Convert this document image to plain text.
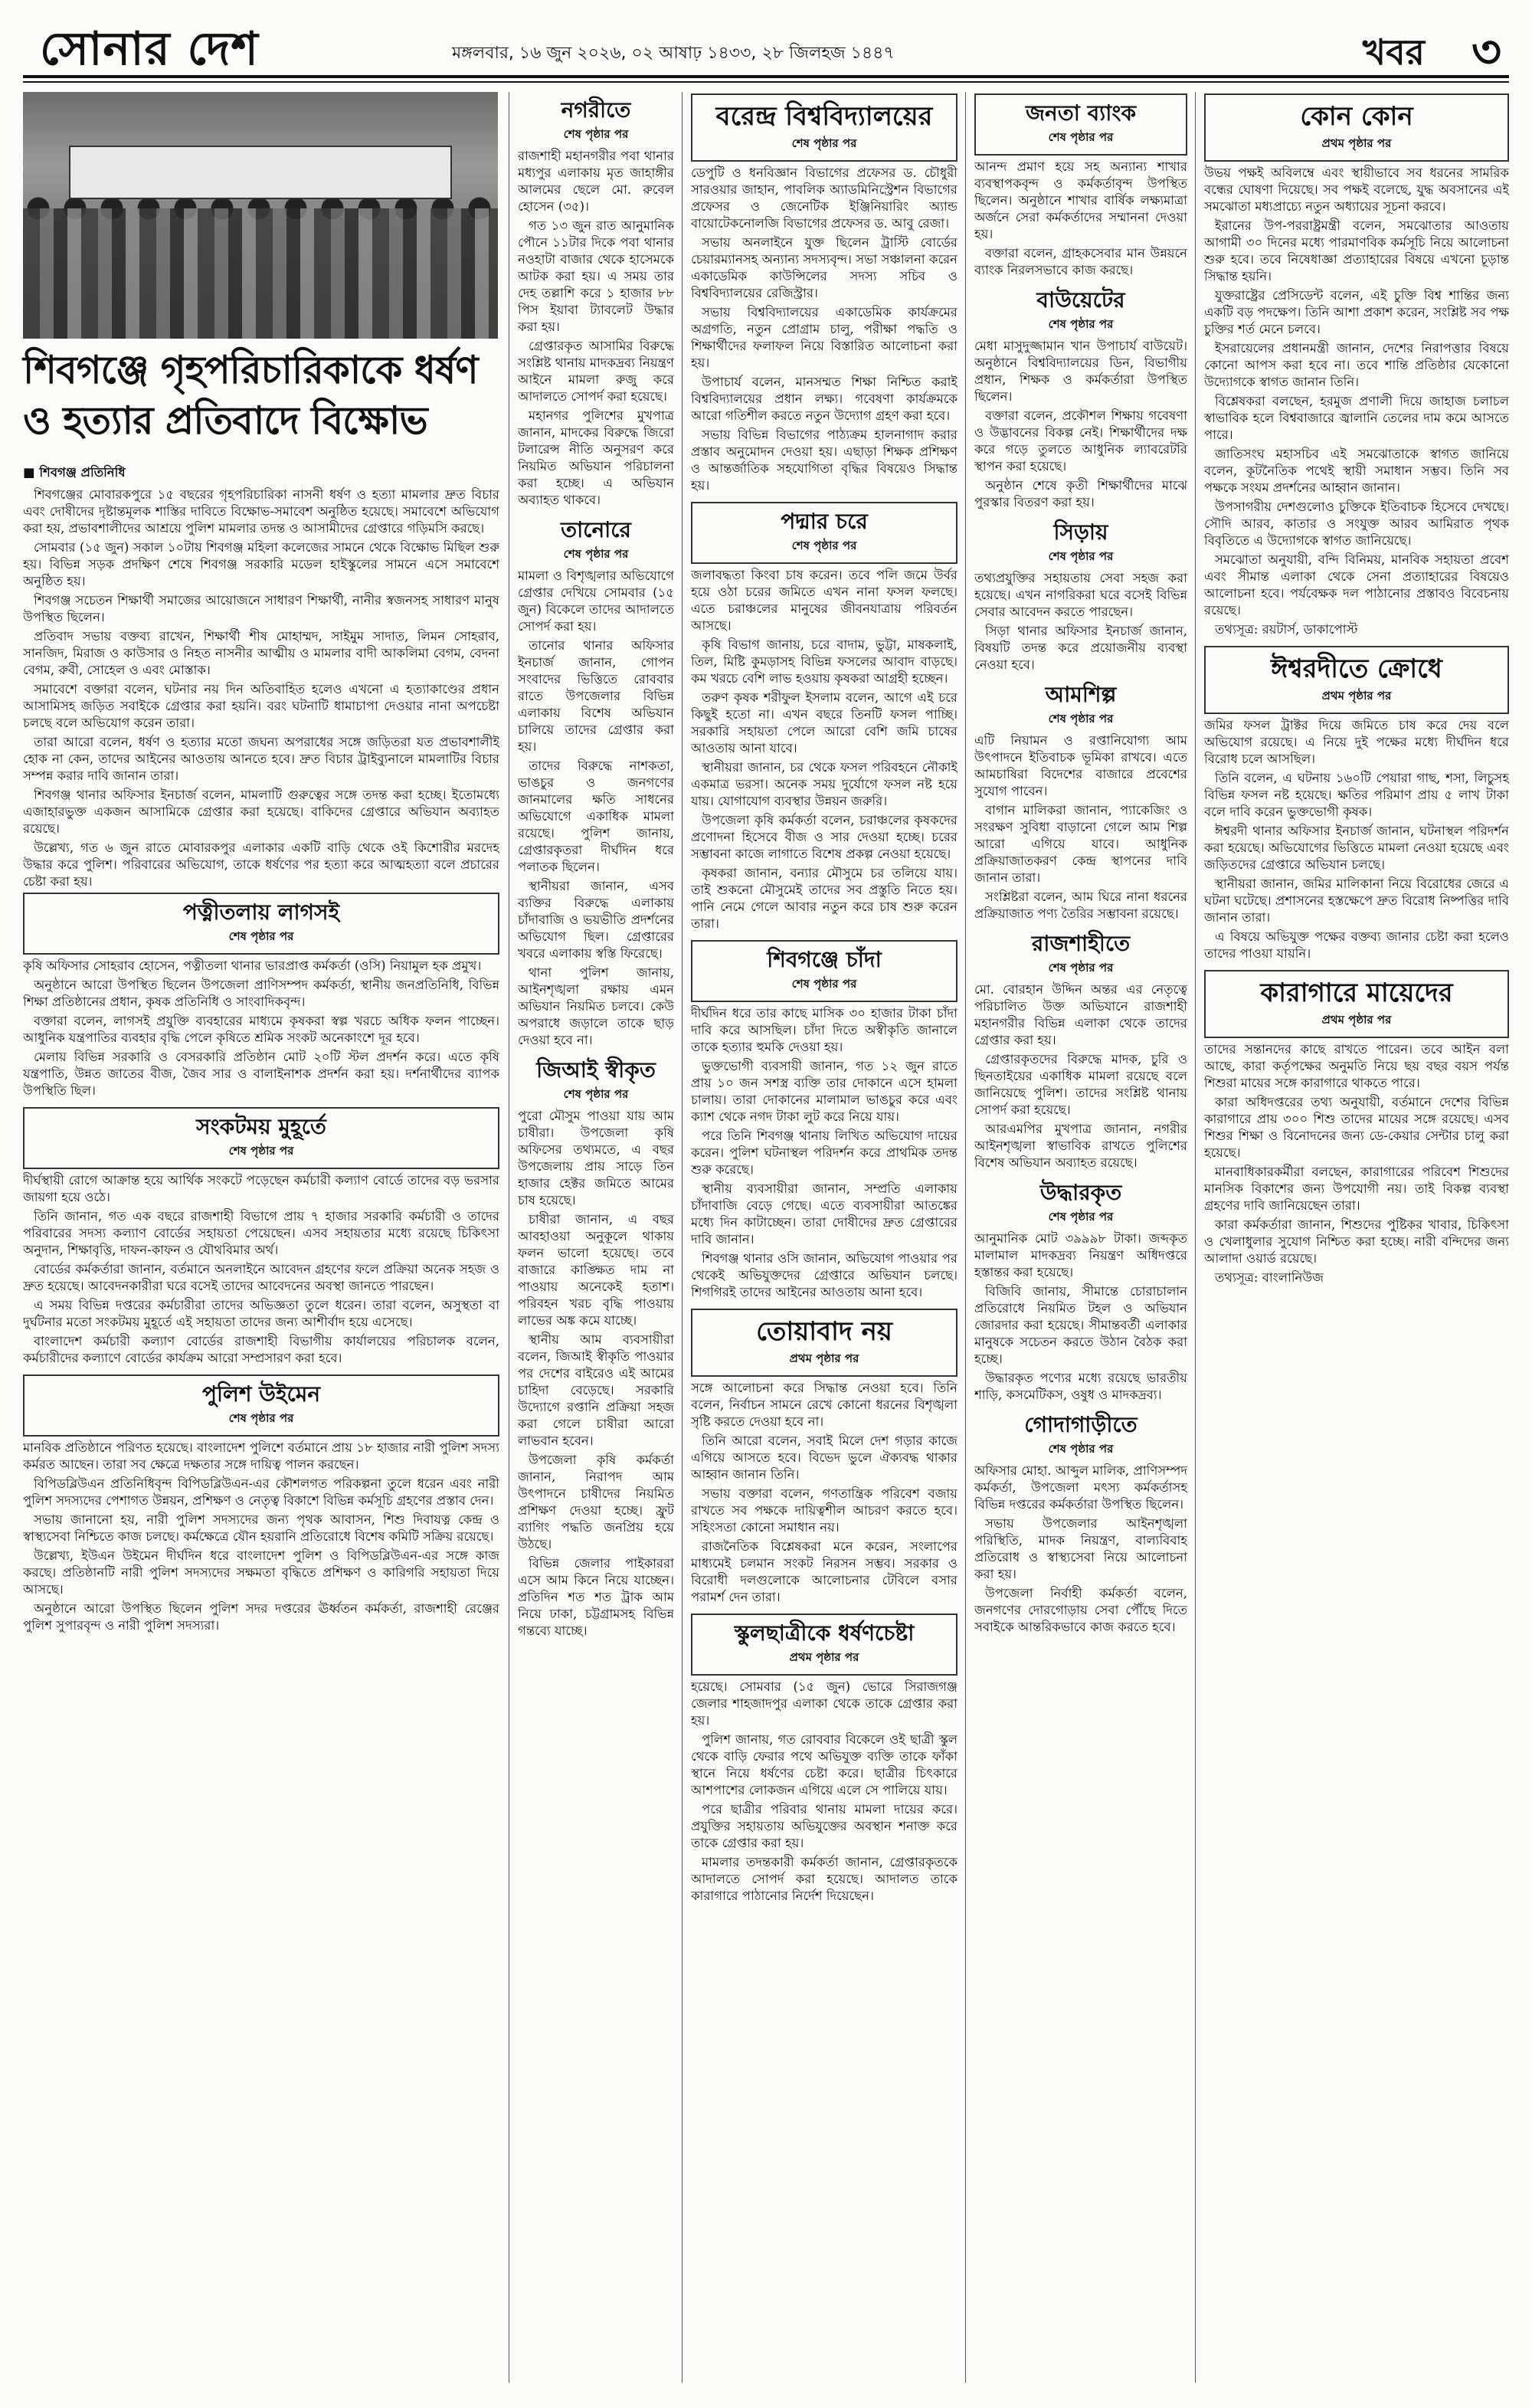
সোনার দেশ	মঙ্গলবার, ১৬ জুন ২০২৬, ০২ আষাঢ় ১৪৩৩, ২৮ জিলহজ ১৪৪৭	খবর ৩
শিবগঞ্জে গৃহপরিচারিকাকে ধর্ষণ ও হত্যার প্রতিবাদে বিক্ষোভ
■ শিবগঞ্জ প্রতিনিধি

শিবগঞ্জের মোবারকপুরে ১৫ বছরের গৃহপরিচারিকা নাসনী ধর্ষণ ও হত্যা মামলার দ্রুত বিচার এবং দোষীদের দৃষ্টান্তমূলক শাস্তির দাবিতে বিক্ষোভ-সমাবেশ অনুষ্ঠিত হয়েছে। সমাবেশে অভিযোগ করা হয়, প্রভাবশালীদের আশ্রয়ে পুলিশ মামলার তদন্ত ও আসামীদের গ্রেপ্তারে গড়িমসি করছে।

সোমবার (১৫ জুন) সকাল ১০টায় শিবগঞ্জ মহিলা কলেজের সামনে থেকে বিক্ষোভ মিছিল শুরু হয়। বিভিন্ন সড়ক প্রদক্ষিণ শেষে শিবগঞ্জ সরকারি মডেল হাইস্কুলের সামনে এসে সমাবেশে অনুষ্ঠিত হয়।

শিবগঞ্জ সচেতন শিক্ষার্থী সমাজের আয়োজনে সাধারণ শিক্ষার্থী, নানীর স্বজনসহ সাধারণ মানুষ উপস্থিত ছিলেন।

প্রতিবাদ সভায় বক্তব্য রাখেন, শিক্ষার্থী শীষ মোহাম্মদ, সাইমুম সাদাত, লিমন সোহরাব, সানজিদ, মিরাজ ও কাউসার ও নিহত নাসনীর আত্মীয় ও মামলার বাদী আকলিমা বেগম, বেদনা বেগম, রুবী, সোহেল ও এবং মোস্তাক।

সমাবেশে বক্তারা বলেন, ঘটনার নয় দিন অতিবাহিত হলেও এখনো এ হত্যাকাণ্ডের প্রধান আসামিসহ জড়িত সবাইকে গ্রেপ্তার করা হয়নি। বরং ঘটনাটি ধামাচাপা দেওয়ার নানা অপচেষ্টা চলছে বলে অভিযোগ করেন তারা।

তারা আরো বলেন, ধর্ষণ ও হত্যার মতো জঘন্য অপরাধের সঙ্গে জড়িতরা যত প্রভাবশালীই হোক না কেন, তাদের আইনের আওতায় আনতে হবে। দ্রুত বিচার ট্রাইব্যুনালে মামলাটির বিচার সম্পন্ন করার দাবি জানান তারা।

শিবগঞ্জ থানার অফিসার ইনচার্জ বলেন, মামলাটি গুরুত্বের সঙ্গে তদন্ত করা হচ্ছে। ইতোমধ্যে এজাহারভুক্ত একজন আসামিকে গ্রেপ্তার করা হয়েছে। বাকিদের গ্রেপ্তারে অভিযান অব্যাহত রয়েছে।

উল্লেখ্য, গত ৬ জুন রাতে মোবারকপুর এলাকার একটি বাড়ি থেকে ওই কিশোরীর মরদেহ উদ্ধার করে পুলিশ। পরিবারের অভিযোগ, তাকে ধর্ষণের পর হত্যা করে আত্মহত্যা বলে প্রচারের চেষ্টা করা হয়।

পত্নীতলায় লাগসই
শেষ পৃষ্ঠার পর

কৃষি অফিসার সোহরাব হোসেন, পত্নীতলা থানার ভারপ্রাপ্ত কর্মকর্তা (ওসি) নিয়ামুল হক প্রমুখ।

অনুষ্ঠানে আরো উপস্থিত ছিলেন উপজেলা প্রাণিসম্পদ কর্মকর্তা, স্থানীয় জনপ্রতিনিধি, বিভিন্ন শিক্ষা প্রতিষ্ঠানের প্রধান, কৃষক প্রতিনিধি ও সাংবাদিকবৃন্দ।

বক্তারা বলেন, লাগসই প্রযুক্তি ব্যবহারের মাধ্যমে কৃষকরা স্বল্প খরচে অধিক ফলন পাচ্ছেন। আধুনিক যন্ত্রপাতির ব্যবহার বৃদ্ধি পেলে কৃষিতে শ্রমিক সংকট অনেকাংশে দূর হবে।

মেলায় বিভিন্ন সরকারি ও বেসরকারি প্রতিষ্ঠান মোট ২০টি স্টল প্রদর্শন করে। এতে কৃষি যন্ত্রপাতি, উন্নত জাতের বীজ, জৈব সার ও বালাইনাশক প্রদর্শন করা হয়। দর্শনার্থীদের ব্যাপক উপস্থিতি ছিল।

সংকটময় মুহূর্তে
শেষ পৃষ্ঠার পর

দীর্ঘস্থায়ী রোগে আক্রান্ত হয়ে আর্থিক সংকটে পড়েছেন কর্মচারী কল্যাণ বোর্ডে তাদের বড় ভরসার জায়গা হয়ে ওঠে।

তিনি জানান, গত এক বছরে রাজশাহী বিভাগে প্রায় ৭ হাজার সরকারি কর্মচারী ও তাদের পরিবারের সদস্য কল্যাণ বোর্ডের সহায়তা পেয়েছেন। এসব সহায়তার মধ্যে রয়েছে চিকিৎসা অনুদান, শিক্ষাবৃত্তি, দাফন-কাফন ও যৌথবিমার অর্থ।

বোর্ডের কর্মকর্তারা জানান, বর্তমানে অনলাইনে আবেদন গ্রহণের ফলে প্রক্রিয়া অনেক সহজ ও দ্রুত হয়েছে। আবেদনকারীরা ঘরে বসেই তাদের আবেদনের অবস্থা জানতে পারছেন।

এ সময় বিভিন্ন দপ্তরের কর্মচারীরা তাদের অভিজ্ঞতা তুলে ধরেন। তারা বলেন, অসুস্থতা বা দুর্ঘটনার মতো সংকটময় মুহূর্তে এই সহায়তা তাদের জন্য আশীর্বাদ হয়ে এসেছে।

বাংলাদেশ কর্মচারী কল্যাণ বোর্ডের রাজশাহী বিভাগীয় কার্যালয়ের পরিচালক বলেন, কর্মচারীদের কল্যাণে বোর্ডের কার্যক্রম আরো সম্প্রসারণ করা হবে।

পুলিশ উইমেন
শেষ পৃষ্ঠার পর

মানবিক প্রতিষ্ঠানে পরিণত হয়েছে। বাংলাদেশ পুলিশে বর্তমানে প্রায় ১৮ হাজার নারী পুলিশ সদস্য কর্মরত আছেন। তারা সব ক্ষেত্রে দক্ষতার সঙ্গে দায়িত্ব পালন করছেন।

বিপিডব্লিউএন প্রতিনিধিবৃন্দ বিপিডব্লিউএন-এর কৌশলগত পরিকল্পনা তুলে ধরেন এবং নারী পুলিশ সদস্যদের পেশাগত উন্নয়ন, প্রশিক্ষণ ও নেতৃত্ব বিকাশে বিভিন্ন কর্মসূচি গ্রহণের প্রস্তাব দেন।

সভায় জানানো হয়, নারী পুলিশ সদস্যদের জন্য পৃথক আবাসন, শিশু দিবাযত্ন কেন্দ্র ও স্বাস্থ্যসেবা নিশ্চিতে কাজ চলছে। কর্মক্ষেত্রে যৌন হয়রানি প্রতিরোধে বিশেষ কমিটি সক্রিয় রয়েছে।

উল্লেখ্য, ইউএন উইমেন দীর্ঘদিন ধরে বাংলাদেশ পুলিশ ও বিপিডব্লিউএন-এর সঙ্গে কাজ করছে। প্রতিষ্ঠানটি নারী পুলিশ সদস্যদের সক্ষমতা বৃদ্ধিতে প্রশিক্ষণ ও কারিগরি সহায়তা দিয়ে আসছে।

অনুষ্ঠানে আরো উপস্থিত ছিলেন পুলিশ সদর দপ্তরের ঊর্ধ্বতন কর্মকর্তা, রাজশাহী রেঞ্জের পুলিশ সুপারবৃন্দ ও নারী পুলিশ সদস্যরা।

নগরীতে
শেষ পৃষ্ঠার পর

রাজশাহী মহানগরীর পবা থানার মধ্যপুর এলাকায় মৃত জাহাঙ্গীর আলমের ছেলে মো. রুবেল হোসেন (৩৫)।

গত ১৩ জুন রাত আনুমানিক পৌনে ১১টার দিকে পবা থানার নওহাটা বাজার থেকে হাসেমকে আটক করা হয়। এ সময় তার দেহ তল্লাশি করে ১ হাজার ৮৮ পিস ইয়াবা ট্যাবলেট উদ্ধার করা হয়।

গ্রেপ্তারকৃত আসামির বিরুদ্ধে সংশ্লিষ্ট থানায় মাদকদ্রব্য নিয়ন্ত্রণ আইনে মামলা রুজু করে আদালতে সোপর্দ করা হয়েছে।

মহানগর পুলিশের মুখপাত্র জানান, মাদকের বিরুদ্ধে জিরো টলারেন্স নীতি অনুসরণ করে নিয়মিত অভিযান পরিচালনা করা হচ্ছে। এ অভিযান অব্যাহত থাকবে।

তানোরে
শেষ পৃষ্ঠার পর

মামলা ও বিশৃঙ্খলার অভিযোগে গ্রেপ্তার দেখিয়ে সোমবার (১৫ জুন) বিকেলে তাদের আদালতে সোপর্দ করা হয়।

তানোর থানার অফিসার ইনচার্জ জানান, গোপন সংবাদের ভিত্তিতে রোববার রাতে উপজেলার বিভিন্ন এলাকায় বিশেষ অভিযান চালিয়ে তাদের গ্রেপ্তার করা হয়।

তাদের বিরুদ্ধে নাশকতা, ভাঙচুর ও জনগণের জানমালের ক্ষতি সাধনের অভিযোগে একাধিক মামলা রয়েছে। পুলিশ জানায়, গ্রেপ্তারকৃতরা দীর্ঘদিন ধরে পলাতক ছিলেন।

স্থানীয়রা জানান, এসব ব্যক্তির বিরুদ্ধে এলাকায় চাঁদাবাজি ও ভয়ভীতি প্রদর্শনের অভিযোগ ছিল। গ্রেপ্তারের খবরে এলাকায় স্বস্তি ফিরেছে।

থানা পুলিশ জানায়, আইনশৃঙ্খলা রক্ষায় এমন অভিযান নিয়মিত চলবে। কেউ অপরাধে জড়ালে তাকে ছাড় দেওয়া হবে না।

জিআই স্বীকৃত
শেষ পৃষ্ঠার পর

পুরো মৌসুম পাওয়া যায় আম চাষীরা। উপজেলা কৃষি অফিসের তথ্যমতে, এ বছর উপজেলায় প্রায় সাড়ে তিন হাজার হেক্টর জমিতে আমের চাষ হয়েছে।

চাষীরা জানান, এ বছর আবহাওয়া অনুকূলে থাকায় ফলন ভালো হয়েছে। তবে বাজারে কাঙ্ক্ষিত দাম না পাওয়ায় অনেকেই হতাশ। পরিবহন খরচ বৃদ্ধি পাওয়ায় লাভের অঙ্ক কমে যাচ্ছে।

স্থানীয় আম ব্যবসায়ীরা বলেন, জিআই স্বীকৃতি পাওয়ার পর দেশের বাইরেও এই আমের চাহিদা বেড়েছে। সরকারি উদ্যোগে রপ্তানি প্রক্রিয়া সহজ করা গেলে চাষীরা আরো লাভবান হবেন।

উপজেলা কৃষি কর্মকর্তা জানান, নিরাপদ আম উৎপাদনে চাষীদের নিয়মিত প্রশিক্ষণ দেওয়া হচ্ছে। ফ্রুট ব্যাগিং পদ্ধতি জনপ্রিয় হয়ে উঠছে।

বিভিন্ন জেলার পাইকাররা এসে আম কিনে নিয়ে যাচ্ছেন। প্রতিদিন শত শত ট্রাক আম নিয়ে ঢাকা, চট্টগ্রামসহ বিভিন্ন গন্তব্যে যাচ্ছে।

বরেন্দ্র বিশ্ববিদ্যালয়ের
শেষ পৃষ্ঠার পর

ডেপুটি ও ধনবিজ্ঞান বিভাগের প্রফেসর ড. চৌধুরী সারওয়ার জাহান, পাবলিক অ্যাডমিনিস্ট্রেশন বিভাগের প্রফেসর ও জেনেটিক ইঞ্জিনিয়ারিং অ্যান্ড বায়োটেকনোলজি বিভাগের প্রফেসর ড. আবু রেজা।

সভায় অনলাইনে যুক্ত ছিলেন ট্রাস্টি বোর্ডের চেয়ারম্যানসহ অন্যান্য সদস্যবৃন্দ। সভা সঞ্চালনা করেন একাডেমিক কাউন্সিলের সদস্য সচিব ও বিশ্ববিদ্যালয়ের রেজিস্ট্রার।

সভায় বিশ্ববিদ্যালয়ের একাডেমিক কার্যক্রমের অগ্রগতি, নতুন প্রোগ্রাম চালু, পরীক্ষা পদ্ধতি ও শিক্ষার্থীদের ফলাফল নিয়ে বিস্তারিত আলোচনা করা হয়।

উপাচার্য বলেন, মানসম্মত শিক্ষা নিশ্চিত করাই বিশ্ববিদ্যালয়ের প্রধান লক্ষ্য। গবেষণা কার্যক্রমকে আরো গতিশীল করতে নতুন উদ্যোগ গ্রহণ করা হবে।

সভায় বিভিন্ন বিভাগের পাঠ্যক্রম হালনাগাদ করার প্রস্তাব অনুমোদন দেওয়া হয়। এছাড়া শিক্ষক প্রশিক্ষণ ও আন্তর্জাতিক সহযোগিতা বৃদ্ধির বিষয়েও সিদ্ধান্ত হয়।

পদ্মার চরে
শেষ পৃষ্ঠার পর

জলাবদ্ধতা কিংবা চাষ করেন। তবে পলি জমে উর্বর হয়ে ওঠা চরের জমিতে এখন নানা ফসল ফলছে। এতে চরাঞ্চলের মানুষের জীবনযাত্রায় পরিবর্তন আসছে।

কৃষি বিভাগ জানায়, চরে বাদাম, ভুট্টা, মাষকলাই, তিল, মিষ্টি কুমড়াসহ বিভিন্ন ফসলের আবাদ বাড়ছে। কম খরচে বেশি লাভ হওয়ায় কৃষকরা আগ্রহী হচ্ছেন।

তরুণ কৃষক শরীফুল ইসলাম বলেন, আগে এই চরে কিছুই হতো না। এখন বছরে তিনটি ফসল পাচ্ছি। সরকারি সহায়তা পেলে আরো বেশি জমি চাষের আওতায় আনা যাবে।

স্থানীয়রা জানান, চর থেকে ফসল পরিবহনে নৌকাই একমাত্র ভরসা। অনেক সময় দুর্যোগে ফসল নষ্ট হয়ে যায়। যোগাযোগ ব্যবস্থার উন্নয়ন জরুরি।

উপজেলা কৃষি কর্মকর্তা বলেন, চরাঞ্চলের কৃষকদের প্রণোদনা হিসেবে বীজ ও সার দেওয়া হচ্ছে। চরের সম্ভাবনা কাজে লাগাতে বিশেষ প্রকল্প নেওয়া হয়েছে।

কৃষকরা জানান, বন্যার মৌসুমে চর তলিয়ে যায়। তাই শুকনো মৌসুমেই তাদের সব প্রস্তুতি নিতে হয়। পানি নেমে গেলে আবার নতুন করে চাষ শুরু করেন তারা।

শিবগঞ্জে চাঁদা
শেষ পৃষ্ঠার পর

দীর্ঘদিন ধরে তার কাছে মাসিক ৩০ হাজার টাকা চাঁদা দাবি করে আসছিল। চাঁদা দিতে অস্বীকৃতি জানালে তাকে হত্যার হুমকি দেওয়া হয়।

ভুক্তভোগী ব্যবসায়ী জানান, গত ১২ জুন রাতে প্রায় ১০ জন সশস্ত্র ব্যক্তি তার দোকানে এসে হামলা চালায়। তারা দোকানের মালামাল ভাঙচুর করে এবং ক্যাশ থেকে নগদ টাকা লুট করে নিয়ে যায়।

পরে তিনি শিবগঞ্জ থানায় লিখিত অভিযোগ দায়ের করেন। পুলিশ ঘটনাস্থল পরিদর্শন করে প্রাথমিক তদন্ত শুরু করেছে।

স্থানীয় ব্যবসায়ীরা জানান, সম্প্রতি এলাকায় চাঁদাবাজি বেড়ে গেছে। এতে ব্যবসায়ীরা আতঙ্কের মধ্যে দিন কাটাচ্ছেন। তারা দোষীদের দ্রুত গ্রেপ্তারের দাবি জানান।

শিবগঞ্জ থানার ওসি জানান, অভিযোগ পাওয়ার পর থেকেই অভিযুক্তদের গ্রেপ্তারে অভিযান চলছে। শিগগিরই তাদের আইনের আওতায় আনা হবে।

তোয়াবাদ নয়
প্রথম পৃষ্ঠার পর

সঙ্গে আলোচনা করে সিদ্ধান্ত নেওয়া হবে। তিনি বলেন, নির্বাচন সামনে রেখে কোনো ধরনের বিশৃঙ্খলা সৃষ্টি করতে দেওয়া হবে না।

তিনি আরো বলেন, সবাই মিলে দেশ গড়ার কাজে এগিয়ে আসতে হবে। বিভেদ ভুলে ঐক্যবদ্ধ থাকার আহ্বান জানান তিনি।

সভায় বক্তারা বলেন, গণতান্ত্রিক পরিবেশ বজায় রাখতে সব পক্ষকে দায়িত্বশীল আচরণ করতে হবে। সহিংসতা কোনো সমাধান নয়।

রাজনৈতিক বিশ্লেষকরা মনে করেন, সংলাপের মাধ্যমেই চলমান সংকট নিরসন সম্ভব। সরকার ও বিরোধী দলগুলোকে আলোচনার টেবিলে বসার পরামর্শ দেন তারা।

স্কুলছাত্রীকে ধর্ষণচেষ্টা
প্রথম পৃষ্ঠার পর

হয়েছে। সোমবার (১৫ জুন) ভোরে সিরাজগঞ্জ জেলার শাহজাদপুর এলাকা থেকে তাকে গ্রেপ্তার করা হয়।

পুলিশ জানায়, গত রোববার বিকেলে ওই ছাত্রী স্কুল থেকে বাড়ি ফেরার পথে অভিযুক্ত ব্যক্তি তাকে ফাঁকা স্থানে নিয়ে ধর্ষণের চেষ্টা করে। ছাত্রীর চিৎকারে আশপাশের লোকজন এগিয়ে এলে সে পালিয়ে যায়।

পরে ছাত্রীর পরিবার থানায় মামলা দায়ের করে। প্রযুক্তির সহায়তায় অভিযুক্তের অবস্থান শনাক্ত করে তাকে গ্রেপ্তার করা হয়।

মামলার তদন্তকারী কর্মকর্তা জানান, গ্রেপ্তারকৃতকে আদালতে সোপর্দ করা হয়েছে। আদালত তাকে কারাগারে পাঠানোর নির্দেশ দিয়েছেন।

জনতা ব্যাংক
শেষ পৃষ্ঠার পর

আনন্দ প্রমাণ হয়ে সহ অন্যান্য শাখার ব্যবস্থাপকবৃন্দ ও কর্মকর্তাবৃন্দ উপস্থিত ছিলেন। অনুষ্ঠানে শাখার বার্ষিক লক্ষ্যমাত্রা অর্জনে সেরা কর্মকর্তাদের সম্মাননা দেওয়া হয়।

বক্তারা বলেন, গ্রাহকসেবার মান উন্নয়নে ব্যাংক নিরলসভাবে কাজ করছে।

বাউয়েটের
শেষ পৃষ্ঠার পর

মেধা মাসুদুজ্জামান খান উপাচার্য বাউয়েট। অনুষ্ঠানে বিশ্ববিদ্যালয়ের ডিন, বিভাগীয় প্রধান, শিক্ষক ও কর্মকর্তারা উপস্থিত ছিলেন।

বক্তারা বলেন, প্রকৌশল শিক্ষায় গবেষণা ও উদ্ভাবনের বিকল্প নেই। শিক্ষার্থীদের দক্ষ করে গড়ে তুলতে আধুনিক ল্যাবরেটরি স্থাপন করা হয়েছে।

অনুষ্ঠান শেষে কৃতী শিক্ষার্থীদের মাঝে পুরস্কার বিতরণ করা হয়।

সিড়ায়
শেষ পৃষ্ঠার পর

তথ্যপ্রযুক্তির সহায়তায় সেবা সহজ করা হয়েছে। এখন নাগরিকরা ঘরে বসেই বিভিন্ন সেবার আবেদন করতে পারছেন।

সিড়া থানার অফিসার ইনচার্জ জানান, বিষয়টি তদন্ত করে প্রয়োজনীয় ব্যবস্থা নেওয়া হবে।

আমশিল্প
শেষ পৃষ্ঠার পর

এটি নিয়ামন ও রপ্তানিযোগ্য আম উৎপাদনে ইতিবাচক ভূমিকা রাখবে। এতে আমচাষিরা বিদেশের বাজারে প্রবেশের সুযোগ পাবেন।

বাগান মালিকরা জানান, প্যাকেজিং ও সংরক্ষণ সুবিধা বাড়ানো গেলে আম শিল্প আরো এগিয়ে যাবে। আধুনিক প্রক্রিয়াজাতকরণ কেন্দ্র স্থাপনের দাবি জানান তারা।

সংশ্লিষ্টরা বলেন, আম ঘিরে নানা ধরনের প্রক্রিয়াজাত পণ্য তৈরির সম্ভাবনা রয়েছে।

রাজশাহীতে
শেষ পৃষ্ঠার পর

মো. বোরহান উদ্দিন অন্তর এর নেতৃত্বে পরিচালিত উক্ত অভিযানে রাজশাহী মহানগরীর বিভিন্ন এলাকা থেকে তাদের গ্রেপ্তার করা হয়।

গ্রেপ্তারকৃতদের বিরুদ্ধে মাদক, চুরি ও ছিনতাইয়ের একাধিক মামলা রয়েছে বলে জানিয়েছে পুলিশ। তাদের সংশ্লিষ্ট থানায় সোপর্দ করা হয়েছে।

আরএমপির মুখপাত্র জানান, নগরীর আইনশৃঙ্খলা স্বাভাবিক রাখতে পুলিশের বিশেষ অভিযান অব্যাহত রয়েছে।

উদ্ধারকৃত
শেষ পৃষ্ঠার পর

আনুমানিক মোট ৩৯৯৯৮ টাকা। জব্দকৃত মালামাল মাদকদ্রব্য নিয়ন্ত্রণ অধিদপ্তরে হস্তান্তর করা হয়েছে।

বিজিবি জানায়, সীমান্তে চোরাচালান প্রতিরোধে নিয়মিত টহল ও অভিযান জোরদার করা হয়েছে। সীমান্তবর্তী এলাকার মানুষকে সচেতন করতে উঠান বৈঠক করা হচ্ছে।

উদ্ধারকৃত পণ্যের মধ্যে রয়েছে ভারতীয় শাড়ি, কসমেটিকস, ওষুধ ও মাদকদ্রব্য।

গোদাগাড়ীতে
শেষ পৃষ্ঠার পর

অফিসার মোহা. আব্দুল মালিক, প্রাণিসম্পদ কর্মকর্তা, উপজেলা মৎস্য কর্মকর্তাসহ বিভিন্ন দপ্তরের কর্মকর্তারা উপস্থিত ছিলেন।

সভায় উপজেলার আইনশৃঙ্খলা পরিস্থিতি, মাদক নিয়ন্ত্রণ, বাল্যবিবাহ প্রতিরোধ ও স্বাস্থ্যসেবা নিয়ে আলোচনা করা হয়।

উপজেলা নির্বাহী কর্মকর্তা বলেন, জনগণের দোরগোড়ায় সেবা পৌঁছে দিতে সবাইকে আন্তরিকভাবে কাজ করতে হবে।

কোন কোন
প্রথম পৃষ্ঠার পর

উভয় পক্ষই অবিলম্বে এবং স্থায়ীভাবে সব ধরনের সামরিক বন্ধের ঘোষণা দিয়েছে। সব পক্ষই বলেছে, যুদ্ধ অবসানের এই সমঝোতা মধ্যপ্রাচ্যে নতুন অধ্যায়ের সূচনা করবে।

ইরানের উপ-পররাষ্ট্রমন্ত্রী বলেন, সমঝোতার আওতায় আগামী ৩০ দিনের মধ্যে পারমাণবিক কর্মসূচি নিয়ে আলোচনা শুরু হবে। তবে নিষেধাজ্ঞা প্রত্যাহারের বিষয়ে এখনো চূড়ান্ত সিদ্ধান্ত হয়নি।

যুক্তরাষ্ট্রের প্রেসিডেন্ট বলেন, এই চুক্তি বিশ্ব শান্তির জন্য একটি বড় পদক্ষেপ। তিনি আশা প্রকাশ করেন, সংশ্লিষ্ট সব পক্ষ চুক্তির শর্ত মেনে চলবে।

ইসরায়েলের প্রধানমন্ত্রী জানান, দেশের নিরাপত্তার বিষয়ে কোনো আপস করা হবে না। তবে শান্তি প্রতিষ্ঠার যেকোনো উদ্যোগকে স্বাগত জানান তিনি।

বিশ্লেষকরা বলছেন, হরমুজ প্রণালী দিয়ে জাহাজ চলাচল স্বাভাবিক হলে বিশ্ববাজারে জ্বালানি তেলের দাম কমে আসতে পারে।

জাতিসংঘ মহাসচিব এই সমঝোতাকে স্বাগত জানিয়ে বলেন, কূটনৈতিক পথেই স্থায়ী সমাধান সম্ভব। তিনি সব পক্ষকে সংযম প্রদর্শনের আহ্বান জানান।

উপসাগরীয় দেশগুলোও চুক্তিকে ইতিবাচক হিসেবে দেখছে। সৌদি আরব, কাতার ও সংযুক্ত আরব আমিরাত পৃথক বিবৃতিতে এ উদ্যোগকে স্বাগত জানিয়েছে।

সমঝোতা অনুযায়ী, বন্দি বিনিময়, মানবিক সহায়তা প্রবেশ এবং সীমান্ত এলাকা থেকে সেনা প্রত্যাহারের বিষয়েও আলোচনা হবে। পর্যবেক্ষক দল পাঠানোর প্রস্তাবও বিবেচনায় রয়েছে।

তথ্যসূত্র: রয়টার্স, ডাকাপোস্ট

ঈশ্বরদীতে ক্রোধে
প্রথম পৃষ্ঠার পর

জমির ফসল ট্রাক্টর দিয়ে জমিতে চাষ করে দেয় বলে অভিযোগ রয়েছে। এ নিয়ে দুই পক্ষের মধ্যে দীর্ঘদিন ধরে বিরোধ চলে আসছিল।

তিনি বলেন, এ ঘটনায় ১৬০টি পেয়ারা গাছ, শসা, লিচুসহ বিভিন্ন ফসল নষ্ট হয়েছে। ক্ষতির পরিমাণ প্রায় ৫ লাখ টাকা বলে দাবি করেন ভুক্তভোগী কৃষক।

ঈশ্বরদী থানার অফিসার ইনচার্জ জানান, ঘটনাস্থল পরিদর্শন করা হয়েছে। অভিযোগের ভিত্তিতে মামলা নেওয়া হয়েছে এবং জড়িতদের গ্রেপ্তারে অভিযান চলছে।

স্থানীয়রা জানান, জমির মালিকানা নিয়ে বিরোধের জেরে এ ঘটনা ঘটেছে। প্রশাসনের হস্তক্ষেপে দ্রুত বিরোধ নিষ্পত্তির দাবি জানান তারা।

এ বিষয়ে অভিযুক্ত পক্ষের বক্তব্য জানার চেষ্টা করা হলেও তাদের পাওয়া যায়নি।

কারাগারে মায়েদের
প্রথম পৃষ্ঠার পর

তাদের সন্তানদের কাছে রাখতে পারেন। তবে আইন বলা আছে, কারা কর্তৃপক্ষের অনুমতি নিয়ে ছয় বছর বয়স পর্যন্ত শিশুরা মায়ের সঙ্গে কারাগারে থাকতে পারে।

কারা অধিদপ্তরের তথ্য অনুযায়ী, বর্তমানে দেশের বিভিন্ন কারাগারে প্রায় ৩০০ শিশু তাদের মায়ের সঙ্গে রয়েছে। এসব শিশুর শিক্ষা ও বিনোদনের জন্য ডে-কেয়ার সেন্টার চালু করা হয়েছে।

মানবাধিকারকর্মীরা বলছেন, কারাগারের পরিবেশ শিশুদের মানসিক বিকাশের জন্য উপযোগী নয়। তাই বিকল্প ব্যবস্থা গ্রহণের দাবি জানিয়েছেন তারা।

কারা কর্মকর্তারা জানান, শিশুদের পুষ্টিকর খাবার, চিকিৎসা ও খেলাধুলার সুযোগ নিশ্চিত করা হচ্ছে। নারী বন্দিদের জন্য আলাদা ওয়ার্ড রয়েছে।

তথ্যসূত্র: বাংলানিউজ
